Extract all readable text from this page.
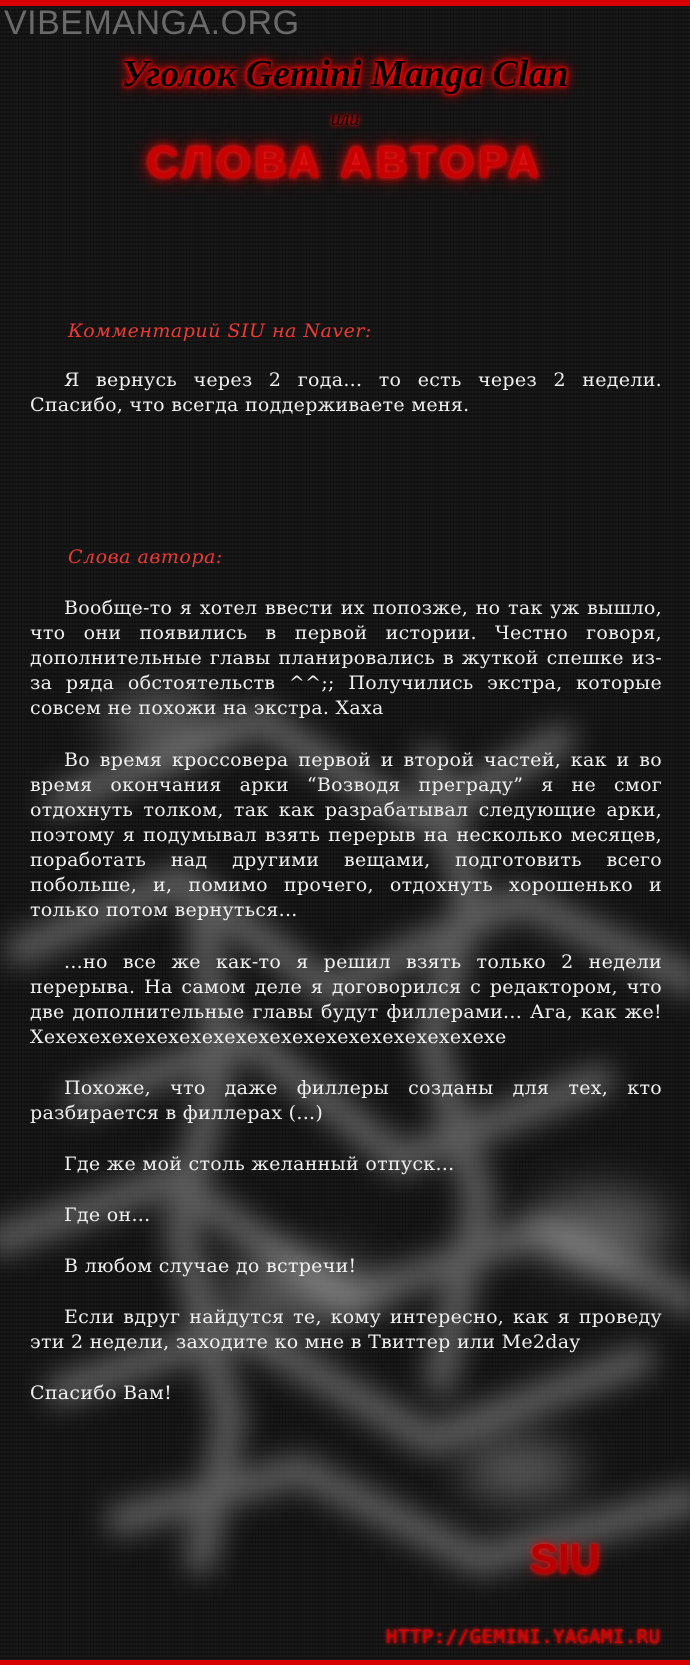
VIBEMANGA.ORG
Уголок Gemini Manga Clan
или
СЛОВА АВТОРА
Комментарий SIU на Naver:

Я вернусь через 2 года... то есть через 2 недели. Спасибо, что всегда поддерживаете меня.

Слова автора:

Вообще-то я хотел ввести их попозже, но так уж вышло, что они появились в первой истории. Честно говоря, дополнительные главы планировались в жуткой спешке из-за ряда обстоятельств ^^;; Получились экстра, которые совсем не похожи на экстра. Хаха

Во время кроссовера первой и второй частей, как и во время окончания арки “Возводя преграду” я не смог отдохнуть толком, так как разрабатывал следующие арки, поэтому я подумывал взять перерыв на несколько месяцев, поработать над другими вещами, подготовить всего побольше, и, помимо прочего, отдохнуть хорошенько и только потом вернуться...

...но все же как-то я решил взять только 2 недели перерыва. На самом деле я договорился с редактором, что две дополнительные главы будут филлерами... Ага, как же! Хехехехехехехехехехехехехехехехехехехехехе

Похоже, что даже филлеры созданы для тех, кто разбирается в филлерах (...)

Где же мой столь желанный отпуск...

Где он...

В любом случае до встречи!

Если вдруг найдутся те, кому интересно, как я проведу эти 2 недели, заходите ко мне в Твиттер или Me2day

Спасибо Вам!

SIU
HTTP://GEMINI.YAGAMI.RU
